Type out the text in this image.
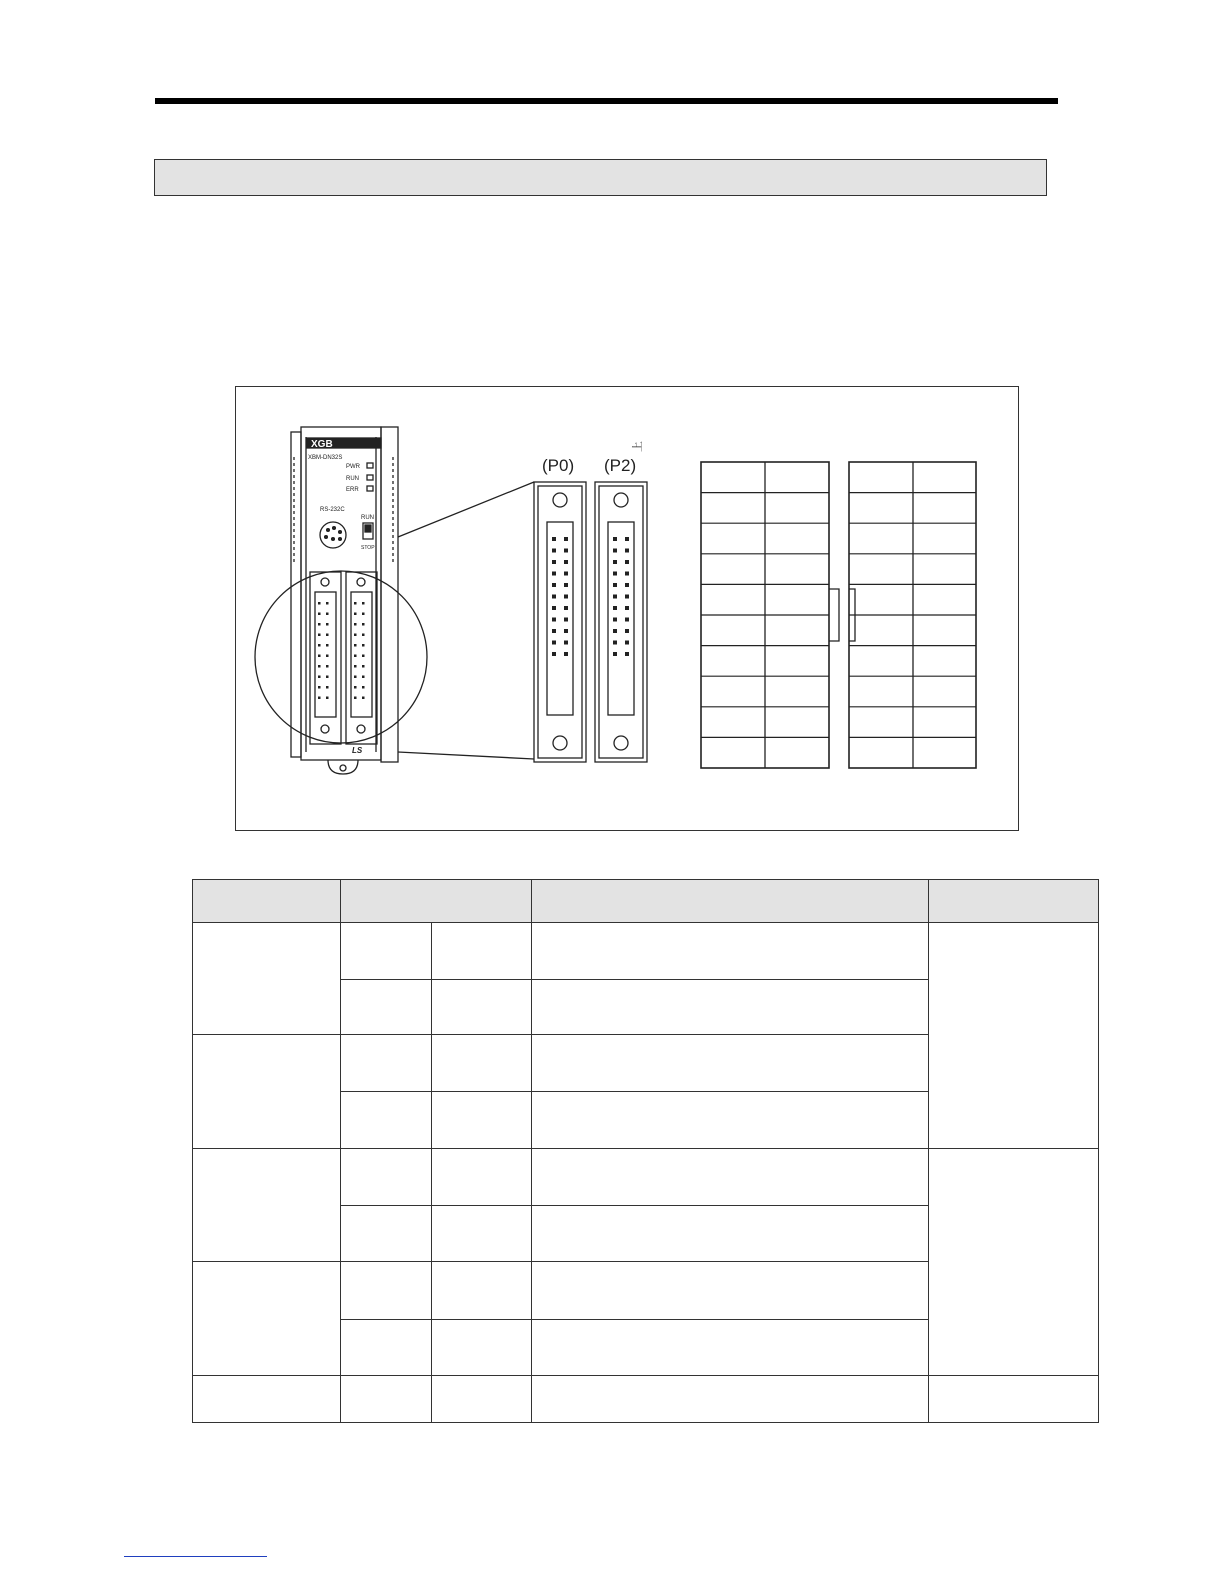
XGB
XBM-DN32S
PWR
RUN
ERR
RS-232C
RUN
STOP
LS
(P0) (P2)
上
